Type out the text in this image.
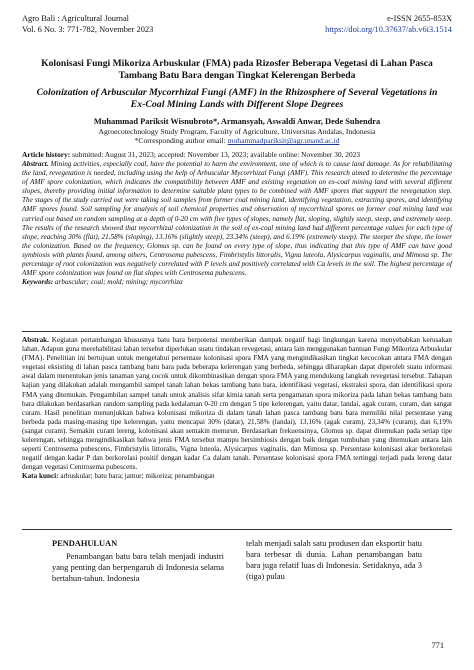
Agro Bali : Agricultural Journal
Vol. 6 No. 3: 771-782, November 2023
e-ISSN 2655-853X
https://doi.org/10.37637/ab.v6i3.1514
Kolonisasi Fungi Mikoriza Arbuskular (FMA) pada Rizosfer Beberapa Vegetasi di Lahan Pasca Tambang Batu Bara dengan Tingkat Kelerengan Berbeda
Colonization of Arbuscular Mycorrhizal Fungi (AMF) in the Rhizosphere of Several Vegetations in Ex-Coal Mining Lands with Different Slope Degrees
Muhammad Pariksit Wisnubroto*, Armansyah, Aswaldi Anwar, Dede Suhendra
Agroecotechnology Study Program, Faculty of Agriculture, Universitas Andalas, Indonesia
*Corresponding author email: muhammadpariksit@agr.unand.ac.id
Article history: submitted: August 31, 2023; accepted: November 13, 2023; available online: November 30, 2023
Abstract. Mining activities, especially coal, have the potential to harm the environment, one of which is to cause land damage. As for rehabilitating the land, revegetation is needed, including using the help of Arbuscular Mycorrhizal Fungi (AMF). This research aimed to determine the percentage of AMF spore colonization, which indicates the compatibility between AMF and existing vegetation on ex-coal mining land with several different slopes, thereby providing initial information to determine suitable plant types to be combined with AMF spores that support the revegetation step. The stages of the study carried out were taking soil samples from former coal mining land, identifying vegetation, extracting spores, and identifying AMF spores found. Soil sampling for analysis of soil chemical properties and observation of mycorrhizal spores on former coal mining land was carried out based on random sampling at a depth of 0-20 cm with five types of slopes, namely flat, sloping, slightly steep, steep, and extremely steep. The results of the research showed that mycorrhizal colonization in the soil of ex-coal mining land had different percentage values for each type of slope, reaching 30% (flat), 21.58% (sloping), 13.16% (slightly steep), 23.34% (steep), and 6.19% (extremely steep). The steeper the slope, the lower the colonization. Based on the frequency, Glomus sp. can be found on every type of slope, thus indicating that this type of AMF can have good symbiosis with plants found, among others, Centrosema pubescens, Fimbristylis littoralis, Vigna luteola, Alysicarpus vaginalis, and Mimosa sp. The percentage of root colonization was negatively correlated with P levels and positively correlated with Ca levels in the soil. The highest percentage of AMF spore colonization was found on flat slopes with Centrosema pubescens.
Keywords: arbuscular; coal; mold; mining; mycorrhiza
Abstrak. Kegiatan pertambangan khususnya batu bara berpotensi memberikan dampak negatif bagi lingkungan karena menyebabkan kerusakan lahan. Adapun guna merehabilitasi lahan tersebut diperlukan suatu tindakan revegetasi, antara lain menggunakan bantuan Fungi Mikoriza Arbuskular (FMA). Penelitian ini bertujuan untuk mengetahui persentase kolonisasi spora FMA yang mengindikasikan tingkat kecocokan antara FMA dengan vegetasi eksisting di lahan pasca tambang batu bara pada beberapa kelerengan yang berbeda, sehingga diharapkan dapat diperoleh suatu informasi awal dalam menentukan jenis tanaman yang cocok untuk dikombinasikan dengan spora FMA yang mendukung langkah revegetasi tersebut. Tahapan kajian yang dilakukan adalah mengambil sampel tanah lahan bekas tambang batu bara, identifikasi vegetasi, ekstraksi spora, dan identifikasi spora FMA yang ditemukan. Pengambilan sampel tanah untuk analisis sifat kimia tanah serta pengamatan spora mikoriza pada lahan bekas tambang batu bara dilakukan berdasarkan random sampling pada kedalaman 0-20 cm dengan 5 tipe kelerengan, yaitu datar, landai, agak curam, curam, dan sangat curam. Hasil penelitian menunjukkan bahwa kolonisasi mikoriza di dalam tanah lahan pasca tambang batu bara memiliki nilai persentase yang berbeda pada masing-masing tipe kelerengan, yaitu mencapai 30% (datar), 21,58% (landai), 13,16% (agak curam), 23,34% (curam), dan 6,19% (sangat curam). Semakin curam lereng, kolonisasi akan semakin menurun. Berdasarkan frekuensinya, Glomus sp. dapat ditemukan pada setiap tipe kelerengan, sehingga mengindikasikan bahwa jenis FMA tersebut mampu bersimbiosis dengan baik dengan tumbuhan yang ditemukan antara lain seperti Centrosema pubescens, Fimbristylis littoralis, Vigna luteola, Alysicarpus vaginalis, dan Mimosa sp. Persentase kolonisasi akar berkorelasi negatif dengan kadar P dan berkorelasi positif dengan kadar Ca dalam tanah. Persentase kolonisasi spora FMA tertinggi terjadi pada lereng datar dengan vegetasi Centrosema pubescens.
Kata kunci: arbuskular; batu bara; jamur; mikoriza; penambangan
PENDAHULUAN
Penambangan batu bara telah menjadi industri yang penting dan berpengaruh di Indonesia selama bertahun-tahun. Indonesia
telah menjadi salah satu produsen dan eksportir batu bara terbesar di dunia. Lahan penambangan batu bara juga relatif luas di Indonesia. Setidaknya, ada 3 (tiga) pulau
771
